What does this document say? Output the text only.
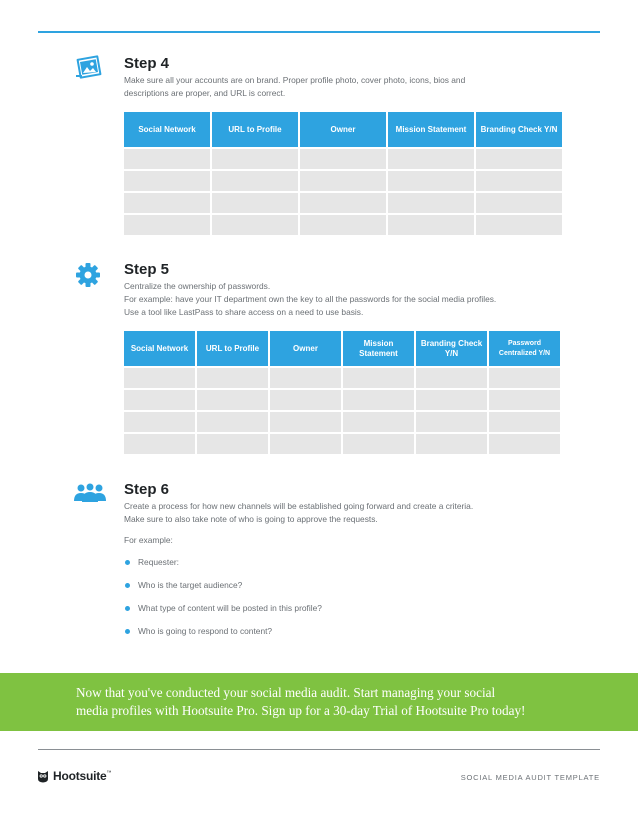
Step 4
Make sure all your accounts are on brand. Proper profile photo, cover photo, icons, bios and
descriptions are proper, and URL is correct.
Social Network	URL to Profile	Owner	Mission Statement	Branding Check Y/N

Step 5
Centralize the ownership of passwords.
For example: have your IT department own the key to all the passwords for the social media profiles.
Use a tool like LastPass to share access on a need to use basis.
Social Network	URL to Profile	Owner	Mission Statement	Branding Check Y/N	Password Centralized Y/N

Step 6
Create a process for how new channels will be established going forward and create a criteria.
Make sure to also take note of who is going to approve the requests.
For example:
Requester:
Who is the target audience?
What type of content will be posted in this profile?
Who is going to respond to content?
Now that you've conducted your social media audit. Start managing your social
media profiles with Hootsuite Pro. Sign up for a 30-day Trial of Hootsuite Pro today!
Hootsuite ™	SOCIAL MEDIA AUDIT TEMPLATE
